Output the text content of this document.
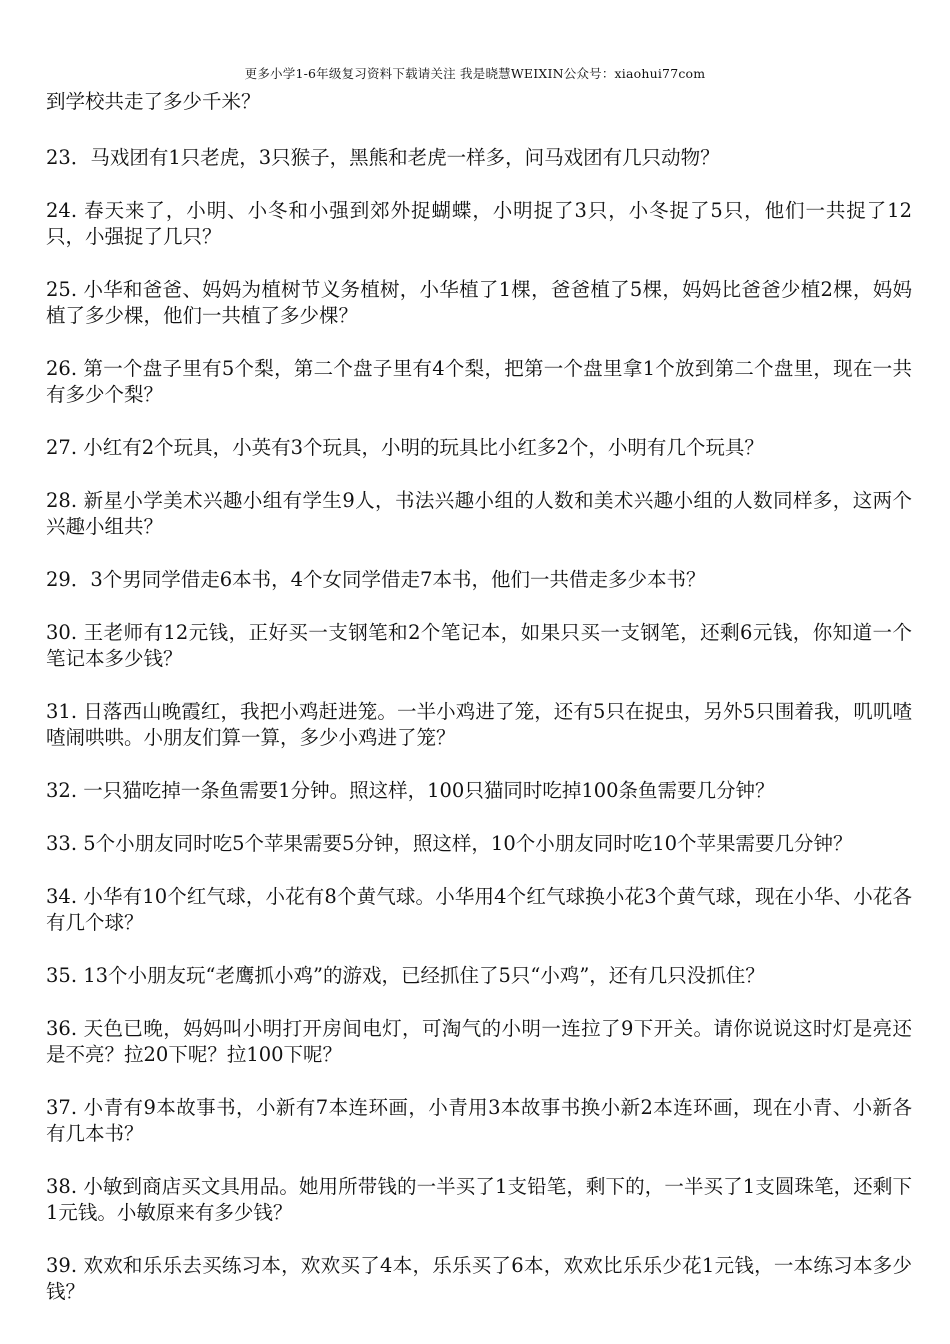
更多小学1-6年级复习资料下载请关注 我是晓慧WEIXIN公众号：xiaohui77com

到学校共走了多少千米？

23．马戏团有1只老虎，3只猴子，黑熊和老虎一样多，问马戏团有几只动物？

24. 春天来了，小明、小冬和小强到郊外捉蝴蝶，小明捉了3只，小冬捉了5只，他们一共捉了12只，小强捉了几只？

25. 小华和爸爸、妈妈为植树节义务植树，小华植了1棵，爸爸植了5棵，妈妈比爸爸少植2棵，妈妈植了多少棵，他们一共植了多少棵？

26. 第一个盘子里有5个梨，第二个盘子里有4个梨，把第一个盘里拿1个放到第二个盘里，现在一共有多少个梨？

27. 小红有2个玩具，小英有3个玩具，小明的玩具比小红多2个，小明有几个玩具？

28. 新星小学美术兴趣小组有学生9人，书法兴趣小组的人数和美术兴趣小组的人数同样多，这两个兴趣小组共？

29．3个男同学借走6本书，4个女同学借走7本书，他们一共借走多少本书？

30. 王老师有12元钱，正好买一支钢笔和2个笔记本，如果只买一支钢笔，还剩6元钱，你知道一个笔记本多少钱？

31. 日落西山晚霞红，我把小鸡赶进笼。一半小鸡进了笼，还有5只在捉虫，另外5只围着我，叽叽喳喳闹哄哄。小朋友们算一算，多少小鸡进了笼？

32. 一只猫吃掉一条鱼需要1分钟。照这样，100只猫同时吃掉100条鱼需要几分钟？

33. 5个小朋友同时吃5个苹果需要5分钟，照这样，10个小朋友同时吃10个苹果需要几分钟？

34. 小华有10个红气球，小花有8个黄气球。小华用4个红气球换小花3个黄气球，现在小华、小花各有几个球？

35. 13个小朋友玩“老鹰抓小鸡”的游戏，已经抓住了5只“小鸡”，还有几只没抓住？

36. 天色已晚，妈妈叫小明打开房间电灯，可淘气的小明一连拉了9下开关。请你说说这时灯是亮还是不亮？拉20下呢？拉100下呢？

37. 小青有9本故事书，小新有7本连环画，小青用3本故事书换小新2本连环画，现在小青、小新各有几本书？

38. 小敏到商店买文具用品。她用所带钱的一半买了1支铅笔，剩下的，一半买了1支圆珠笔，还剩下1元钱。小敏原来有多少钱？

39. 欢欢和乐乐去买练习本，欢欢买了4本，乐乐买了6本，欢欢比乐乐少花1元钱，一本练习本多少钱？
